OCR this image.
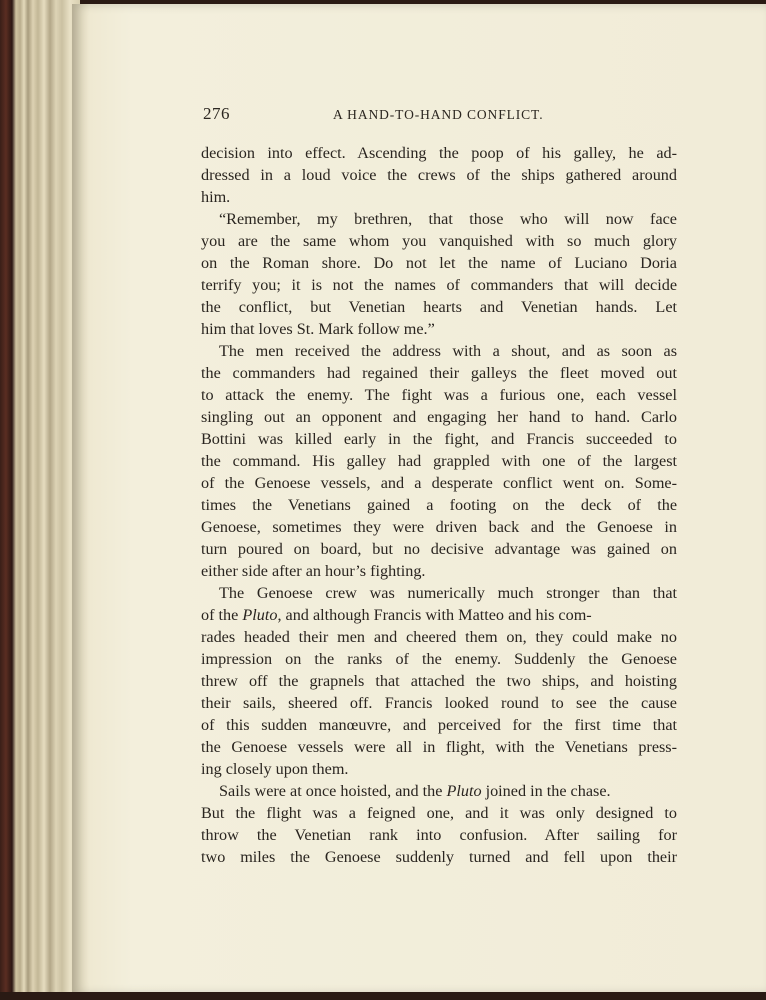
276	A HAND-TO-HAND CONFLICT.
decision into effect. Ascending the poop of his galley, he ad-
dressed in a loud voice the crews of the ships gathered around
him.
“Remember, my brethren, that those who will now face
you are the same whom you vanquished with so much glory
on the Roman shore. Do not let the name of Luciano Doria
terrify you; it is not the names of commanders that will decide
the conflict, but Venetian hearts and Venetian hands. Let
him that loves St. Mark follow me.”
The men received the address with a shout, and as soon as
the commanders had regained their galleys the fleet moved out
to attack the enemy. The fight was a furious one, each vessel
singling out an opponent and engaging her hand to hand. Carlo
Bottini was killed early in the fight, and Francis succeeded to
the command. His galley had grappled with one of the largest
of the Genoese vessels, and a desperate conflict went on. Some-
times the Venetians gained a footing on the deck of the
Genoese, sometimes they were driven back and the Genoese in
turn poured on board, but no decisive advantage was gained on
either side after an hour’s fighting.
The Genoese crew was numerically much stronger than that
of the Pluto, and although Francis with Matteo and his com-
rades headed their men and cheered them on, they could make no
impression on the ranks of the enemy. Suddenly the Genoese
threw off the grapnels that attached the two ships, and hoisting
their sails, sheered off. Francis looked round to see the cause
of this sudden manœuvre, and perceived for the first time that
the Genoese vessels were all in flight, with the Venetians press-
ing closely upon them.
Sails were at once hoisted, and the Pluto joined in the chase.
But the flight was a feigned one, and it was only designed to
throw the Venetian rank into confusion. After sailing for
two miles the Genoese suddenly turned and fell upon their
